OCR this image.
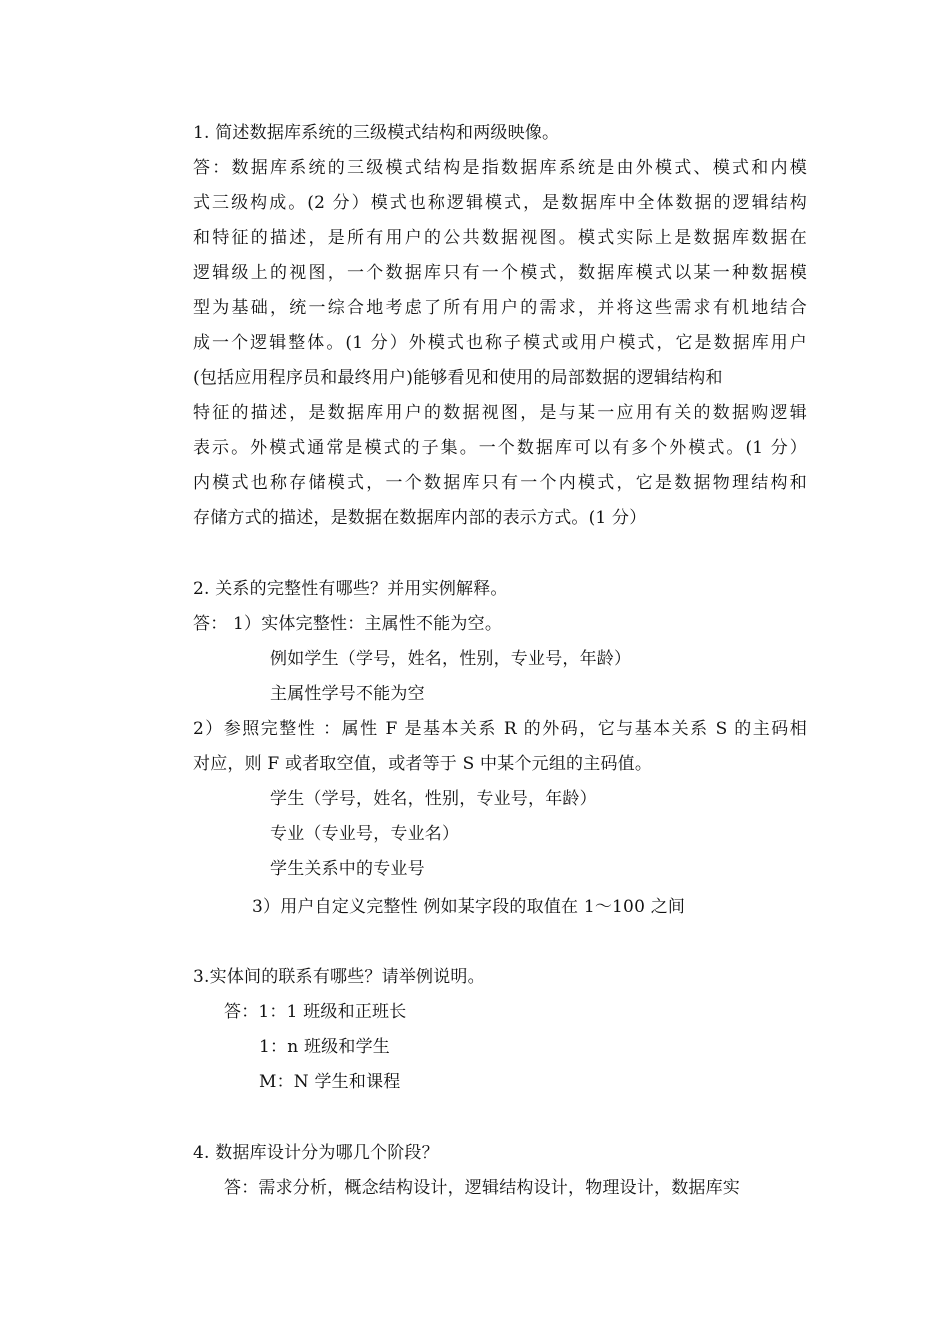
1. 简述数据库系统的三级模式结构和两级映像。
答：数据库系统的三级模式结构是指数据库系统是由外模式、模式和内模
式三级构成。(2 分）模式也称逻辑模式，是数据库中全体数据的逻辑结构
和特征的描述，是所有用户的公共数据视图。模式实际上是数据库数据在
逻辑级上的视图，一个数据库只有一个模式，数据库模式以某一种数据模
型为基础，统一综合地考虑了所有用户的需求，并将这些需求有机地结合
成一个逻辑整体。(1 分）外模式也称子模式或用户模式，它是数据库用户
(包括应用程序员和最终用户)能够看见和使用的局部数据的逻辑结构和
特征的描述，是数据库用户的数据视图，是与某一应用有关的数据购逻辑
表示。外模式通常是模式的子集。一个数据库可以有多个外模式。(1 分）
内模式也称存储模式，一个数据库只有一个内模式，它是数据物理结构和
存储方式的描述，是数据在数据库内部的表示方式。(1 分）
2. 关系的完整性有哪些？并用实例解释。
答： 1）实体完整性：主属性不能为空。
例如学生（学号，姓名，性别，专业号，年龄）
主属性学号不能为空
2）参照完整性 ：属性 F 是基本关系 R 的外码，它与基本关系 S 的主码相
对应，则 F 或者取空值，或者等于 S 中某个元组的主码值。
学生（学号，姓名，性别，专业号，年龄）
专业（专业号，专业名）
学生关系中的专业号
3）用户自定义完整性 例如某字段的取值在 1～100 之间
3.实体间的联系有哪些？请举例说明。
答：1：1 班级和正班长
1：n 班级和学生
M：N 学生和课程
4. 数据库设计分为哪几个阶段？
答：需求分析，概念结构设计，逻辑结构设计，物理设计，数据库实
